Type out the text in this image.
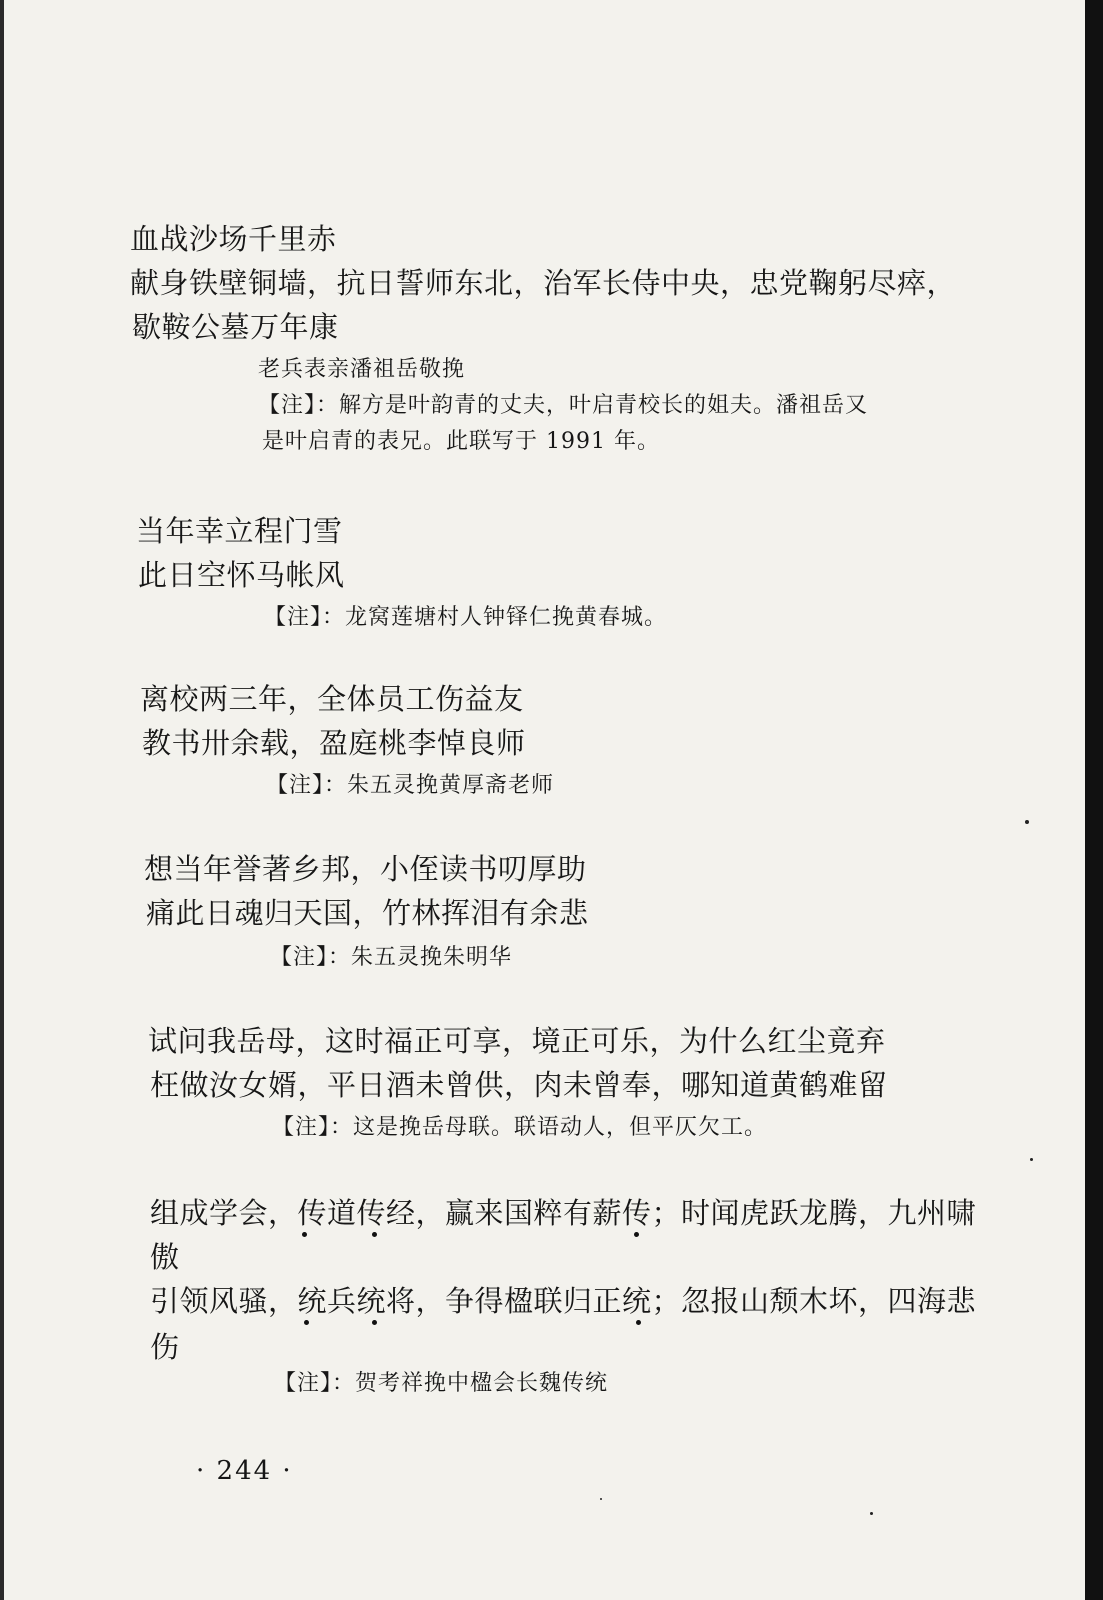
血战沙场千里赤
献身铁壁铜墙，抗日誓师东北，治军长侍中央，忠党鞠躬尽瘁，
歇鞍公墓万年康
老兵表亲潘祖岳敬挽
【注】：解方是叶韵青的丈夫，叶启青校长的姐夫。潘祖岳又
是叶启青的表兄。此联写于 1991 年。
当年幸立程门雪
此日空怀马帐风
【注】：龙窝莲塘村人钟铎仁挽黄春城。
离校两三年，全体员工伤益友
教书卅余载，盈庭桃李悼良师
【注】：朱五灵挽黄厚斋老师
想当年誉著乡邦，小侄读书叨厚助
痛此日魂归天国，竹林挥泪有余悲
【注】：朱五灵挽朱明华
试问我岳母，这时福正可享，境正可乐，为什么红尘竟弃
枉做汝女婿，平日酒未曾供，肉未曾奉，哪知道黄鹤难留
【注】：这是挽岳母联。联语动人，但平仄欠工。
组成学会，传道传经，赢来国粹有薪传；时闻虎跃龙腾，九州啸
傲
引领风骚，统兵统将，争得楹联归正统；忽报山颓木坏，四海悲
伤
【注】：贺考祥挽中楹会长魏传统
· 244 ·
